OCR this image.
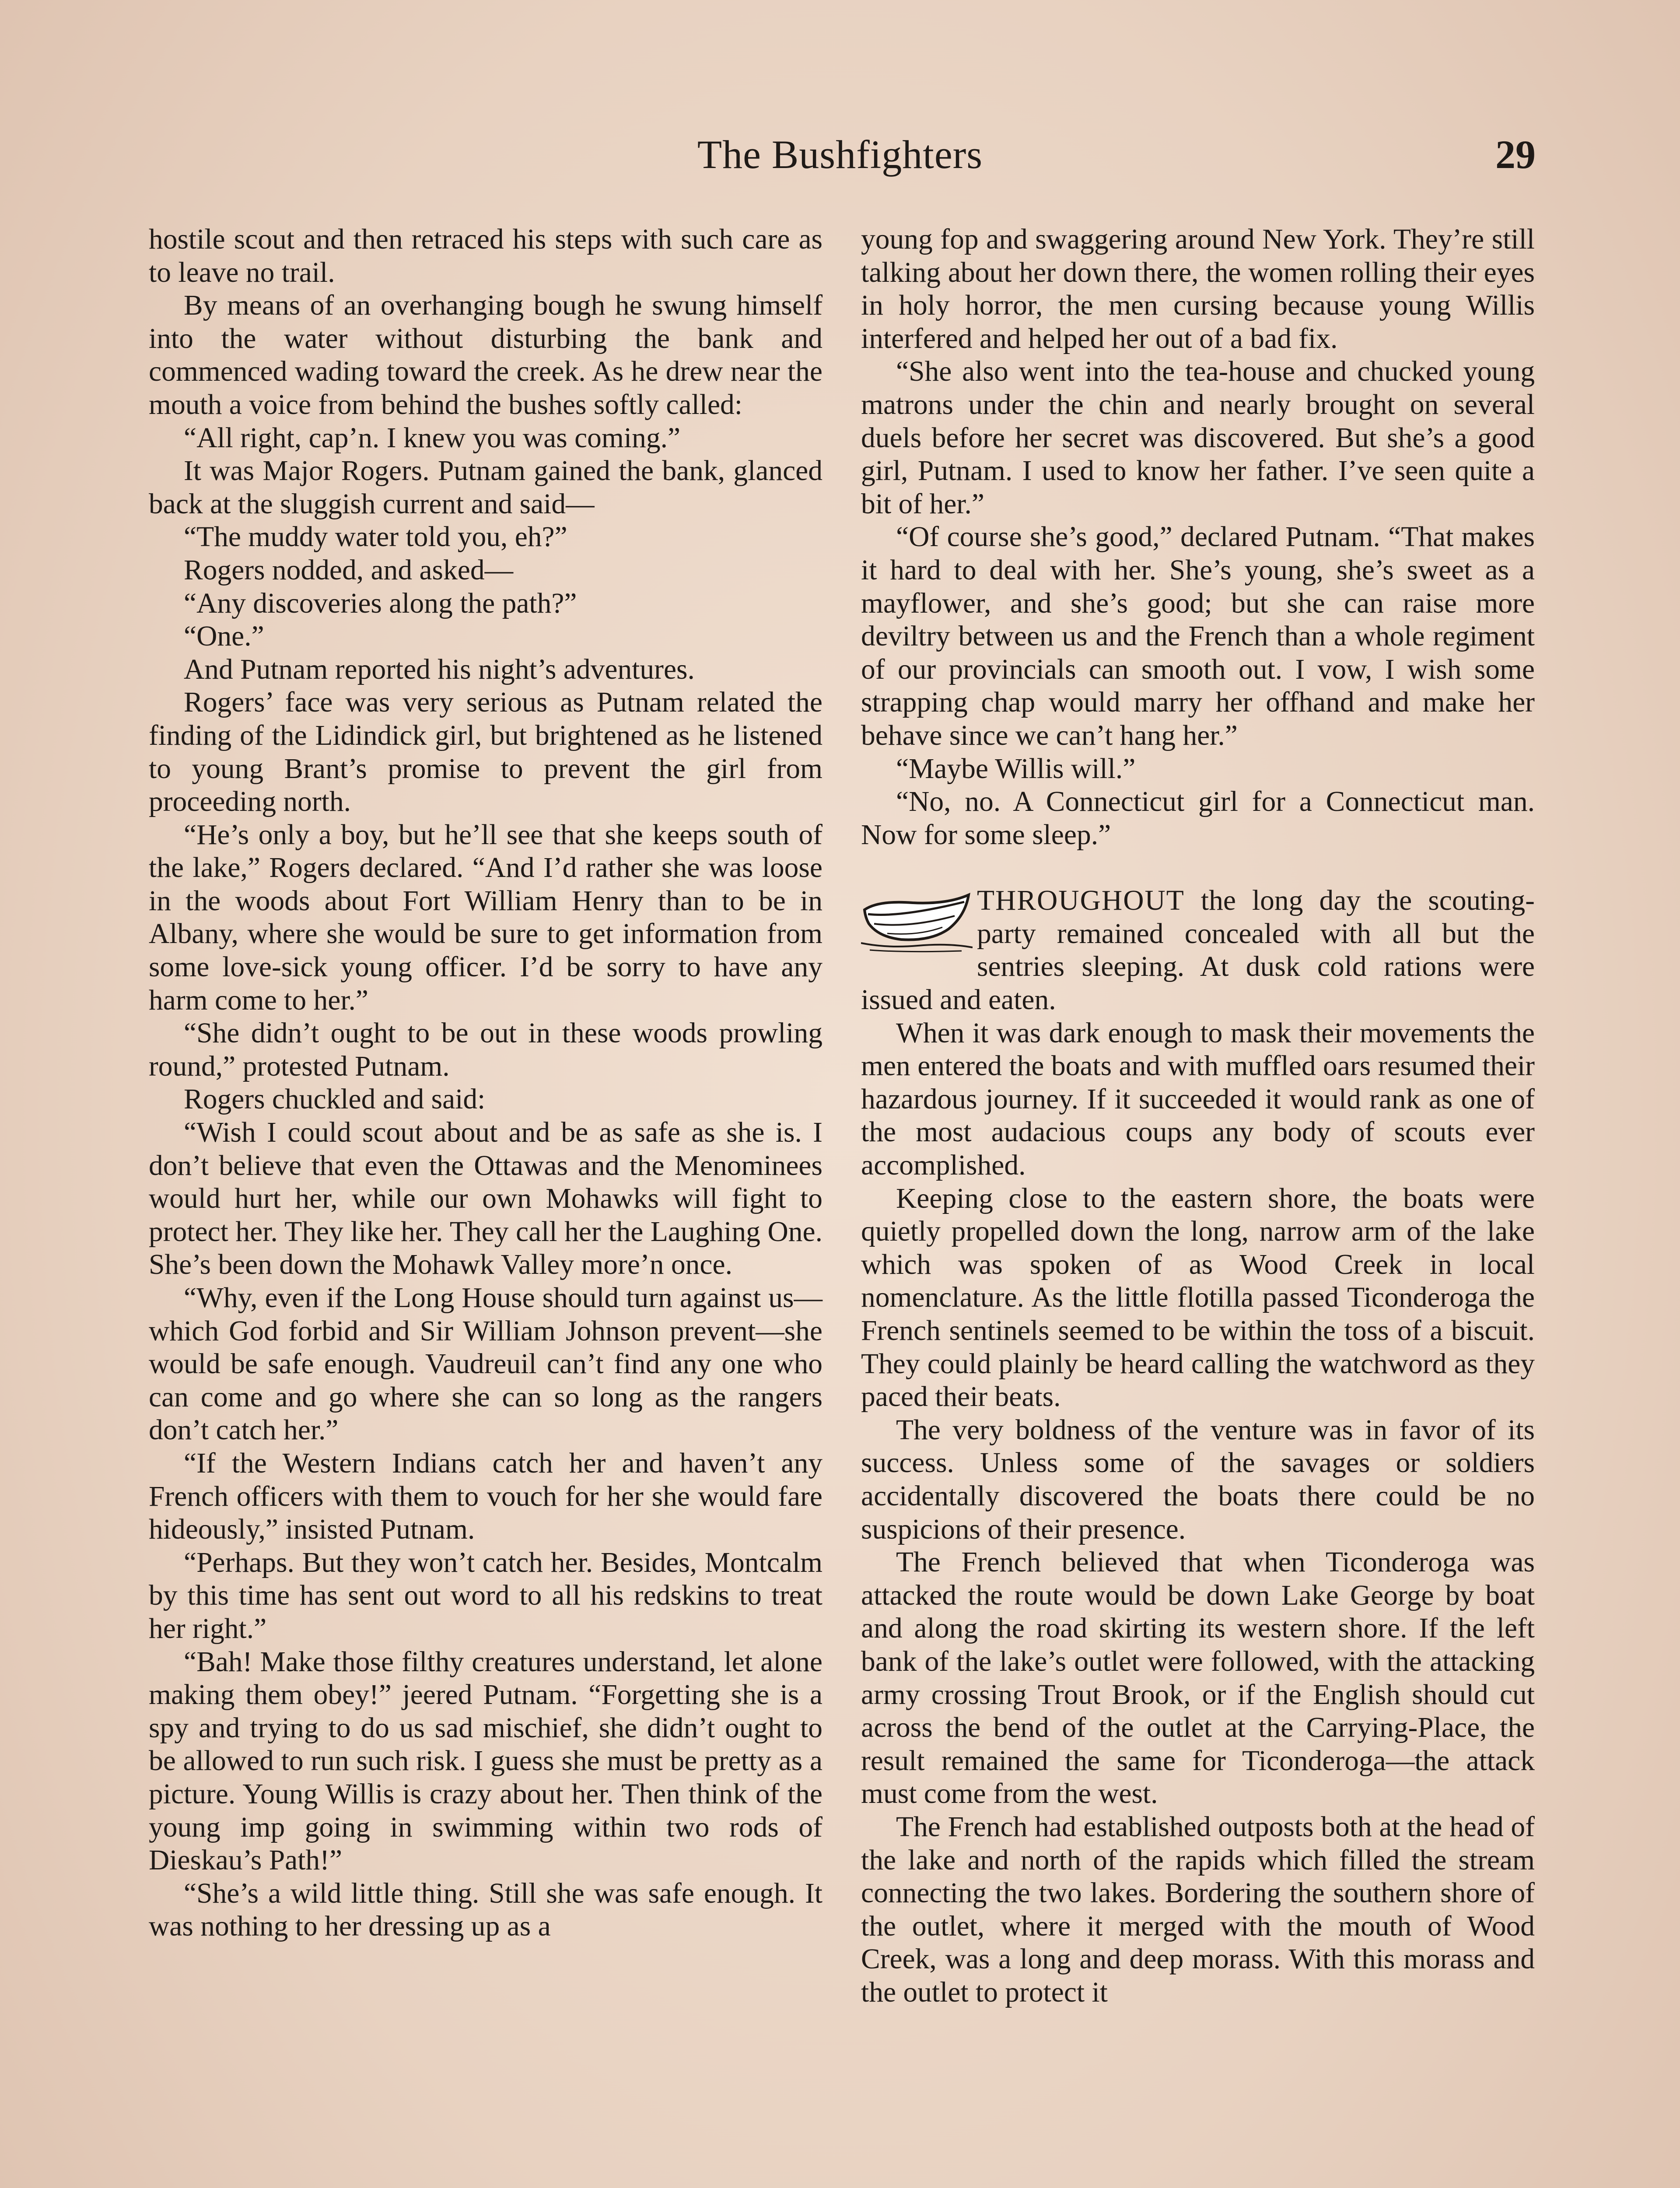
The Bushfighters	29

hostile scout and then retraced his steps with such care as to leave no trail.

By means of an overhanging bough he swung himself into the water without disturbing the bank and commenced wading toward the creek. As he drew near the mouth a voice from behind the bushes softly called:

“All right, cap’n. I knew you was coming.”

It was Major Rogers. Putnam gained the bank, glanced back at the sluggish current and said—

“The muddy water told you, eh?”

Rogers nodded, and asked—

“Any discoveries along the path?”

“One.”

And Putnam reported his night’s adventures.

Rogers’ face was very serious as Putnam related the finding of the Lidindick girl, but brightened as he listened to young Brant’s promise to prevent the girl from proceeding north.

“He’s only a boy, but he’ll see that she keeps south of the lake,” Rogers declared. “And I’d rather she was loose in the woods about Fort William Henry than to be in Albany, where she would be sure to get information from some love-sick young officer. I’d be sorry to have any harm come to her.”

“She didn’t ought to be out in these woods prowling round,” protested Putnam.

Rogers chuckled and said:

“Wish I could scout about and be as safe as she is. I don’t believe that even the Ottawas and the Menominees would hurt her, while our own Mohawks will fight to protect her. They like her. They call her the Laughing One. She’s been down the Mohawk Valley more’n once.

“Why, even if the Long House should turn against us—which God forbid and Sir William Johnson prevent—she would be safe enough. Vaudreuil can’t find any one who can come and go where she can so long as the rangers don’t catch her.”

“If the Western Indians catch her and haven’t any French officers with them to vouch for her she would fare hideously,” insisted Putnam.

“Perhaps. But they won’t catch her. Besides, Montcalm by this time has sent out word to all his redskins to treat her right.”

“Bah! Make those filthy creatures understand, let alone making them obey!” jeered Putnam. “Forgetting she is a spy and trying to do us sad mischief, she didn’t ought to be allowed to run such risk. I guess she must be pretty as a picture. Young Willis is crazy about her. Then think of the young imp going in swimming within two rods of Dieskau’s Path!”

“She’s a wild little thing. Still she was safe enough. It was nothing to her dressing up as a

young fop and swaggering around New York. They’re still talking about her down there, the women rolling their eyes in holy horror, the men cursing because young Willis interfered and helped her out of a bad fix.

“She also went into the tea-house and chucked young matrons under the chin and nearly brought on several duels before her secret was discovered. But she’s a good girl, Putnam. I used to know her father. I’ve seen quite a bit of her.”

“Of course she’s good,” declared Putnam. “That makes it hard to deal with her. She’s young, she’s sweet as a mayflower, and she’s good; but she can raise more deviltry between us and the French than a whole regiment of our provincials can smooth out. I vow, I wish some strapping chap would marry her offhand and make her behave since we can’t hang her.”

“Maybe Willis will.”

“No, no. A Connecticut girl for a Connecticut man. Now for some sleep.”

THROUGHOUT the long day the scouting-party remained concealed with all but the sentries sleeping. At dusk cold rations were issued and eaten.

When it was dark enough to mask their movements the men entered the boats and with muffled oars resumed their hazardous journey. If it succeeded it would rank as one of the most audacious coups any body of scouts ever accomplished.

Keeping close to the eastern shore, the boats were quietly propelled down the long, narrow arm of the lake which was spoken of as Wood Creek in local nomenclature. As the little flotilla passed Ticonderoga the French sentinels seemed to be within the toss of a biscuit. They could plainly be heard calling the watchword as they paced their beats.

The very boldness of the venture was in favor of its success. Unless some of the savages or soldiers accidentally discovered the boats there could be no suspicions of their presence.

The French believed that when Ticonderoga was attacked the route would be down Lake George by boat and along the road skirting its western shore. If the left bank of the lake’s outlet were followed, with the attacking army crossing Trout Brook, or if the English should cut across the bend of the outlet at the Carrying-Place, the result remained the same for Ticonderoga—the attack must come from the west.

The French had established outposts both at the head of the lake and north of the rapids which filled the stream connecting the two lakes. Bordering the southern shore of the outlet, where it merged with the mouth of Wood Creek, was a long and deep morass. With this morass and the outlet to protect it
